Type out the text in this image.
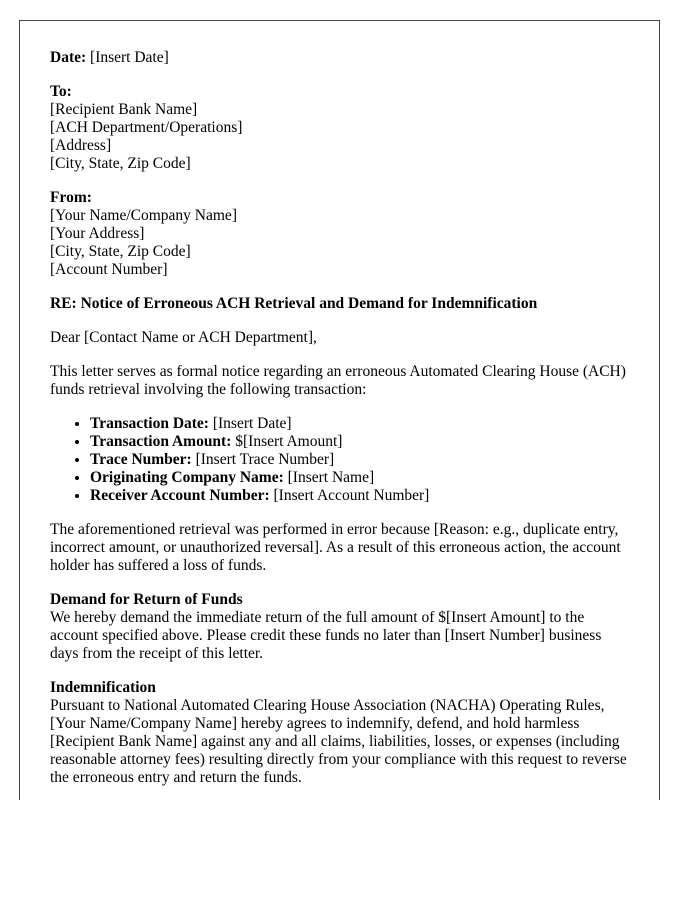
Date: [Insert Date]
To:
[Recipient Bank Name]
[ACH Department/Operations]
[Address]
[City, State, Zip Code]
From:
[Your Name/Company Name]
[Your Address]
[City, State, Zip Code]
[Account Number]
RE: Notice of Erroneous ACH Retrieval and Demand for Indemnification
Dear [Contact Name or ACH Department],
This letter serves as formal notice regarding an erroneous Automated Clearing House (ACH) funds retrieval involving the following transaction:
• Transaction Date: [Insert Date]
• Transaction Amount: $[Insert Amount]
• Trace Number: [Insert Trace Number]
• Originating Company Name: [Insert Name]
• Receiver Account Number: [Insert Account Number]
The aforementioned retrieval was performed in error because [Reason: e.g., duplicate entry, incorrect amount, or unauthorized reversal]. As a result of this erroneous action, the account holder has suffered a loss of funds.
Demand for Return of Funds
We hereby demand the immediate return of the full amount of $[Insert Amount] to the account specified above. Please credit these funds no later than [Insert Number] business days from the receipt of this letter.
Indemnification
Pursuant to National Automated Clearing House Association (NACHA) Operating Rules, [Your Name/Company Name] hereby agrees to indemnify, defend, and hold harmless [Recipient Bank Name] against any and all claims, liabilities, losses, or expenses (including reasonable attorney fees) resulting directly from your compliance with this request to reverse the erroneous entry and return the funds.
